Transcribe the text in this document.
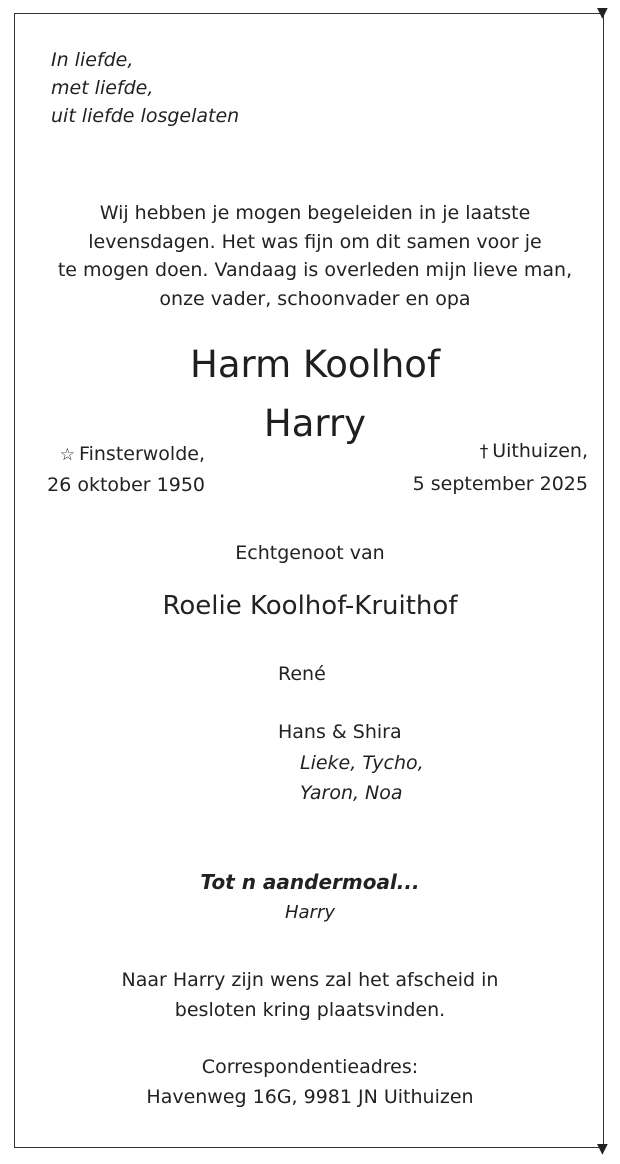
▼
▼
In liefde,
met liefde,
uit liefde losgelaten
Wij hebben je mogen begeleiden in je laatste
levensdagen. Het was fijn om dit samen voor je
te mogen doen. Vandaag is overleden mijn lieve man,
onze vader, schoonvader en opa
Harm Koolhof
Harry
☆ Finsterwolde,
26 oktober 1950
† Uithuizen,
5 september 2025
Echtgenoot van
Roelie Koolhof-Kruithof
René
Hans & Shira
Lieke, Tycho,
Yaron, Noa
Tot n aandermoal...
Harry
Naar Harry zijn wens zal het afscheid in
besloten kring plaatsvinden.
Correspondentieadres:
Havenweg 16G, 9981 JN Uithuizen
